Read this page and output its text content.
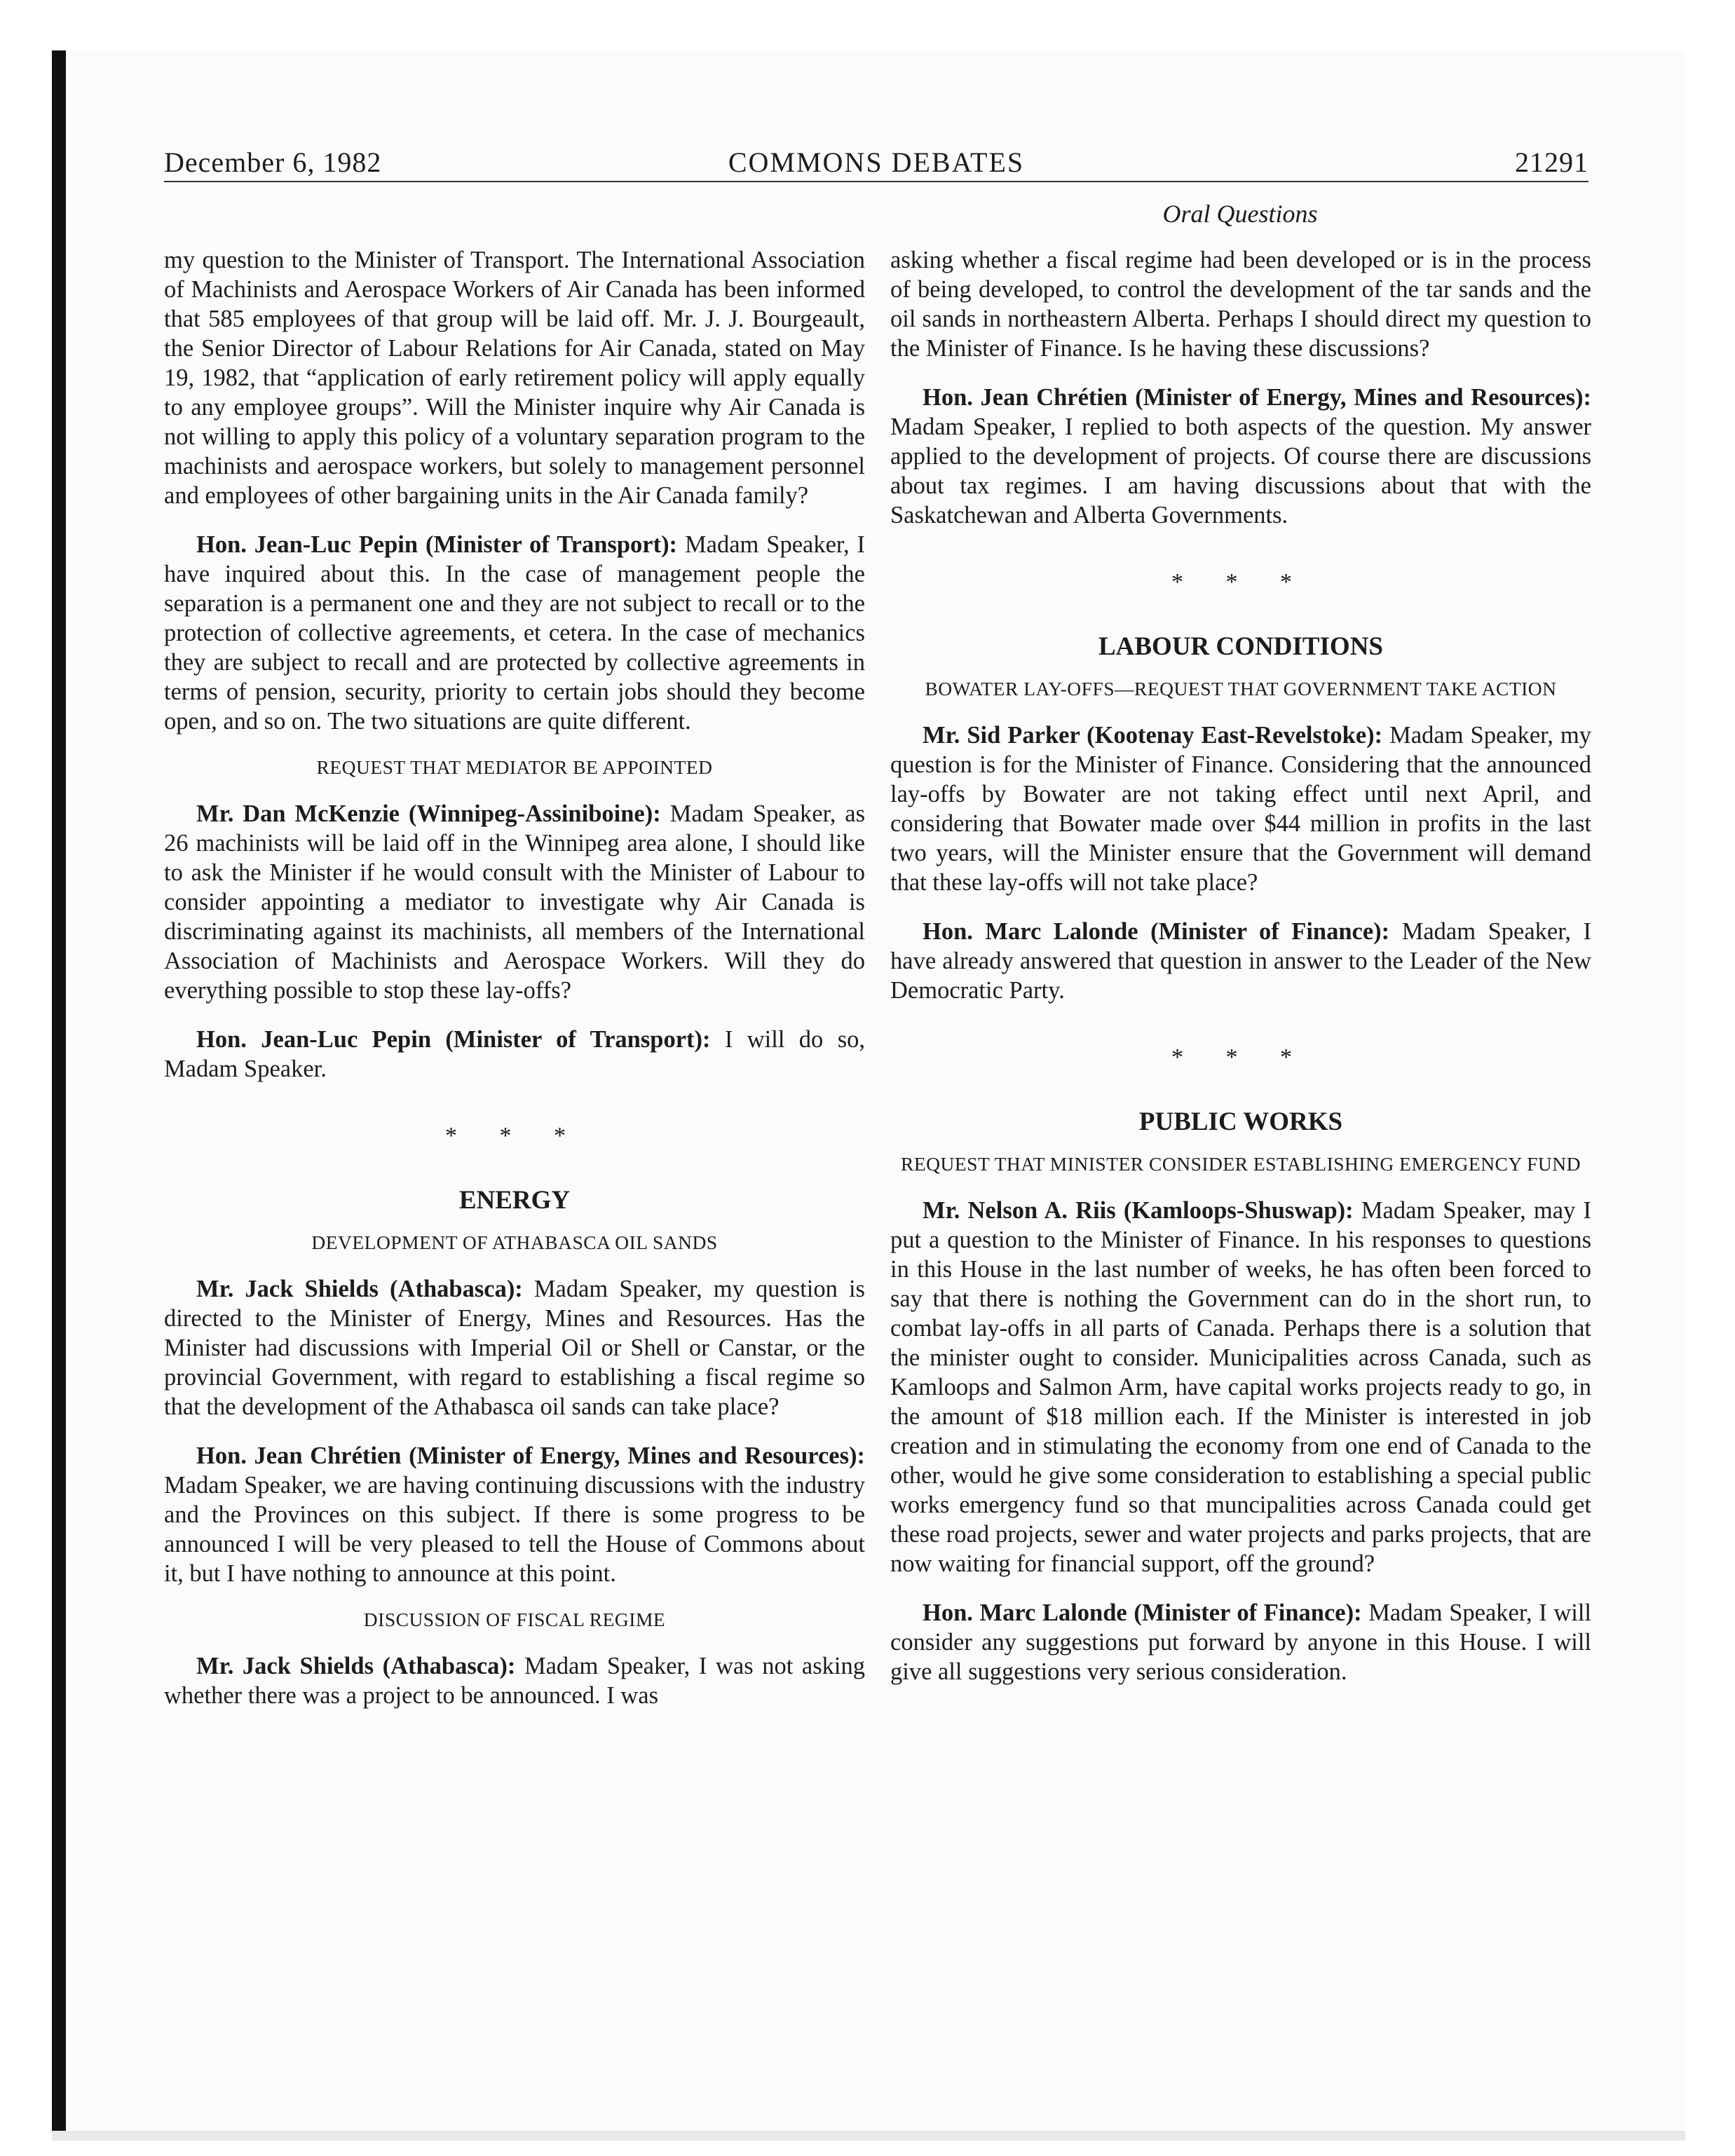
December 6, 1982	COMMONS DEBATES	21291
Oral Questions

my question to the Minister of Transport. The International Association of Machinists and Aerospace Workers of Air Canada has been informed that 585 employees of that group will be laid off. Mr. J. J. Bourgeault, the Senior Director of Labour Relations for Air Canada, stated on May 19, 1982, that “application of early retirement policy will apply equally to any employee groups”. Will the Minister inquire why Air Canada is not willing to apply this policy of a voluntary separation program to the machinists and aerospace workers, but solely to management personnel and employees of other bargaining units in the Air Canada family?

Hon. Jean-Luc Pepin (Minister of Transport): Madam Speaker, I have inquired about this. In the case of management people the separation is a permanent one and they are not subject to recall or to the protection of collective agreements, et cetera. In the case of mechanics they are subject to recall and are protected by collective agreements in terms of pension, security, priority to certain jobs should they become open, and so on. The two situations are quite different.

REQUEST THAT MEDIATOR BE APPOINTED

Mr. Dan McKenzie (Winnipeg-Assiniboine): Madam Speaker, as 26 machinists will be laid off in the Winnipeg area alone, I should like to ask the Minister if he would consult with the Minister of Labour to consider appointing a mediator to investigate why Air Canada is discriminating against its machinists, all members of the International Association of Machinists and Aerospace Workers. Will they do everything possible to stop these lay-offs?

Hon. Jean-Luc Pepin (Minister of Transport): I will do so, Madam Speaker.

* * *
ENERGY
DEVELOPMENT OF ATHABASCA OIL SANDS

Mr. Jack Shields (Athabasca): Madam Speaker, my question is directed to the Minister of Energy, Mines and Resources. Has the Minister had discussions with Imperial Oil or Shell or Canstar, or the provincial Government, with regard to establishing a fiscal regime so that the development of the Athabasca oil sands can take place?

Hon. Jean Chrétien (Minister of Energy, Mines and Resources): Madam Speaker, we are having continuing discussions with the industry and the Provinces on this subject. If there is some progress to be announced I will be very pleased to tell the House of Commons about it, but I have nothing to announce at this point.

DISCUSSION OF FISCAL REGIME

Mr. Jack Shields (Athabasca): Madam Speaker, I was not asking whether there was a project to be announced. I was

asking whether a fiscal regime had been developed or is in the process of being developed, to control the development of the tar sands and the oil sands in northeastern Alberta. Perhaps I should direct my question to the Minister of Finance. Is he having these discussions?

Hon. Jean Chrétien (Minister of Energy, Mines and Resources): Madam Speaker, I replied to both aspects of the question. My answer applied to the development of projects. Of course there are discussions about tax regimes. I am having discussions about that with the Saskatchewan and Alberta Governments.

* * *
LABOUR CONDITIONS
BOWATER LAY-OFFS—REQUEST THAT GOVERNMENT TAKE ACTION

Mr. Sid Parker (Kootenay East-Revelstoke): Madam Speaker, my question is for the Minister of Finance. Considering that the announced lay-offs by Bowater are not taking effect until next April, and considering that Bowater made over $44 million in profits in the last two years, will the Minister ensure that the Government will demand that these lay-offs will not take place?

Hon. Marc Lalonde (Minister of Finance): Madam Speaker, I have already answered that question in answer to the Leader of the New Democratic Party.

* * *
PUBLIC WORKS
REQUEST THAT MINISTER CONSIDER ESTABLISHING EMERGENCY FUND

Mr. Nelson A. Riis (Kamloops-Shuswap): Madam Speaker, may I put a question to the Minister of Finance. In his responses to questions in this House in the last number of weeks, he has often been forced to say that there is nothing the Government can do in the short run, to combat lay-offs in all parts of Canada. Perhaps there is a solution that the minister ought to consider. Municipalities across Canada, such as Kamloops and Salmon Arm, have capital works projects ready to go, in the amount of $18 million each. If the Minister is interested in job creation and in stimulating the economy from one end of Canada to the other, would he give some consideration to establishing a special public works emergency fund so that muncipalities across Canada could get these road projects, sewer and water projects and parks projects, that are now waiting for financial support, off the ground?

Hon. Marc Lalonde (Minister of Finance): Madam Speaker, I will consider any suggestions put forward by anyone in this House. I will give all suggestions very serious consideration.
